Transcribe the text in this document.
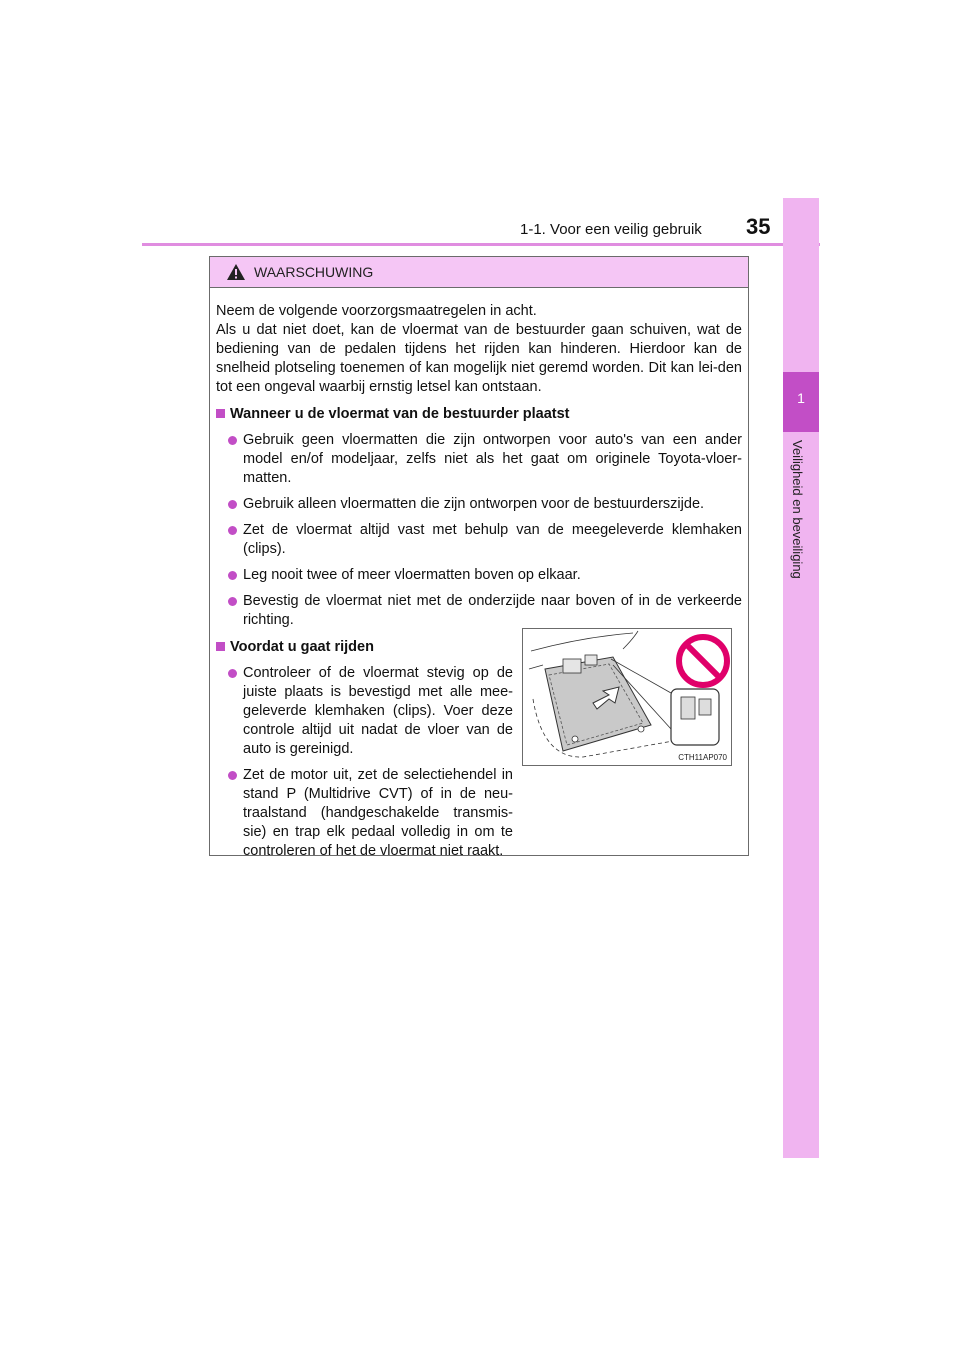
1-1. Voor een veilig gebruik 35
1
Veiligheid en beveiliging
WAARSCHUWING

Neem de volgende voorzorgsmaatregelen in acht.

Als u dat niet doet, kan de vloermat van de bestuurder gaan schuiven, wat de bediening van de pedalen tijdens het rijden kan hinderen. Hierdoor kan de snelheid plotseling toenemen of kan mogelijk niet geremd worden. Dit kan lei-den tot een ongeval waarbij ernstig letsel kan ontstaan.

Wanneer u de vloermat van de bestuurder plaatst
Gebruik geen vloermatten die zijn ontworpen voor auto's van een ander model en/of modeljaar, zelfs niet als het gaat om originele Toyota-vloer-matten.
Gebruik alleen vloermatten die zijn ontworpen voor de bestuurderszijde.
Zet de vloermat altijd vast met behulp van de meegeleverde klemhaken (clips).
Leg nooit twee of meer vloermatten boven op elkaar.
Bevestig de vloermat niet met de onderzijde naar boven of in de verkeerde richting.
Voordat u gaat rijden
Controleer of de vloermat stevig op de juiste plaats is bevestigd met alle mee-geleverde klemhaken (clips). Voer deze controle altijd uit nadat de vloer van de auto is gereinigd.
Zet de motor uit, zet de selectiehendel in stand P (Multidrive CVT) of in de neu-traalstand (handgeschakelde transmis-sie) en trap elk pedaal volledig in om te controleren of het de vloermat niet raakt.
CTH11AP070
